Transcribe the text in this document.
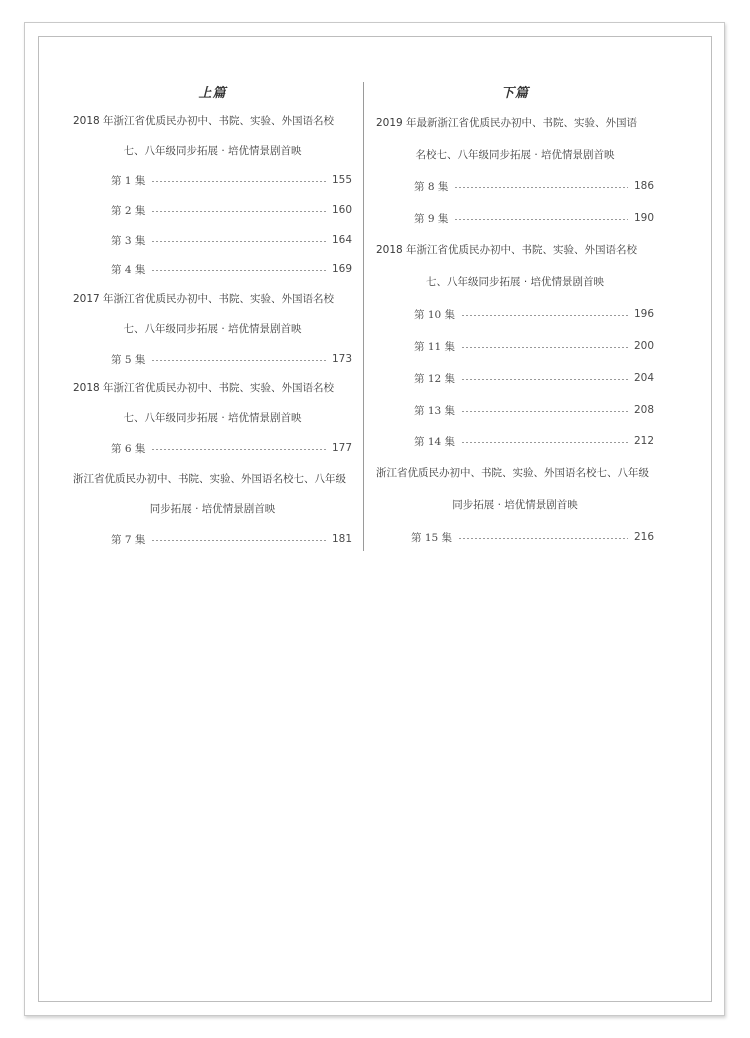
上篇
2018 年浙江省优质民办初中、书院、实验、外国语名校
七、八年级同步拓展 · 培优情景剧首映
第 1 集	155
第 2 集	160
第 3 集	164
第 4 集	169
2017 年浙江省优质民办初中、书院、实验、外国语名校
七、八年级同步拓展 · 培优情景剧首映
第 5 集	173
2018 年浙江省优质民办初中、书院、实验、外国语名校
七、八年级同步拓展 · 培优情景剧首映
第 6 集	177
浙江省优质民办初中、书院、实验、外国语名校七、八年级
同步拓展 · 培优情景剧首映
第 7 集	181
下篇
2019 年最新浙江省优质民办初中、书院、实验、外国语
名校七、八年级同步拓展 · 培优情景剧首映
第 8 集	186
第 9 集	190
2018 年浙江省优质民办初中、书院、实验、外国语名校
七、八年级同步拓展 · 培优情景剧首映
第 10 集	196
第 11 集	200
第 12 集	204
第 13 集	208
第 14 集	212
浙江省优质民办初中、书院、实验、外国语名校七、八年级
同步拓展 · 培优情景剧首映
第 15 集	216
